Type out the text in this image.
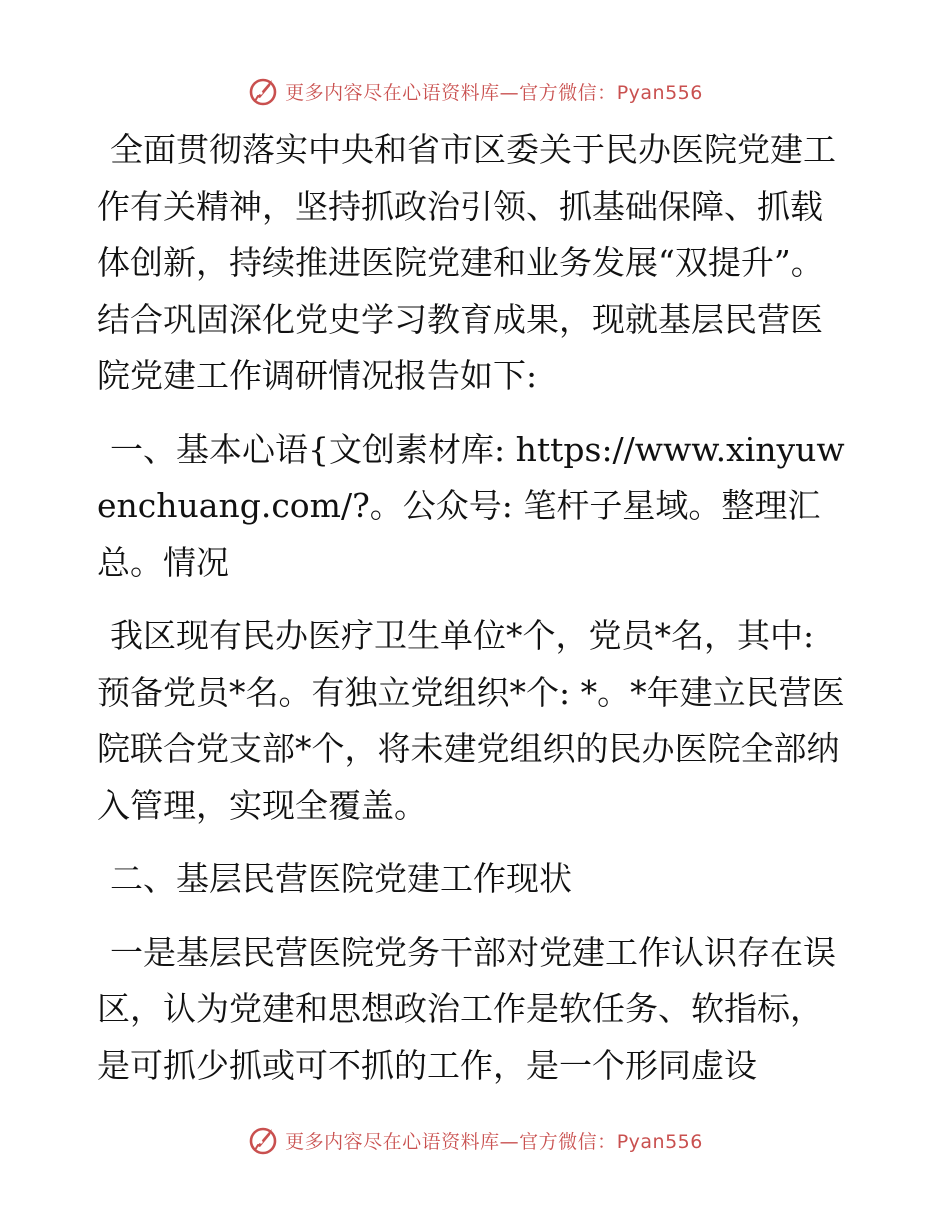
更多内容尽在心语资料库—官方微信：Pyan556

全面贯彻落实中央和省市区委关于民办医院党建工作有关精神，坚持抓政治引领、抓基础保障、抓载体创新，持续推进医院党建和业务发展“双提升”。结合巩固深化党史学习教育成果，现就基层民营医院党建工作调研情况报告如下:

一、基本心语{文创素材库: https://www.xinyuwenchuang.com/?。公众号: 笔杆子星域。整理汇总。情况

我区现有民办医疗卫生单位*个，党员*名，其中: 预备党员*名。有独立党组织*个: *。*年建立民营医院联合党支部*个，将未建党组织的民办医院全部纳入管理，实现全覆盖。

二、基层民营医院党建工作现状

一是基层民营医院党务干部对党建工作认识存在误区，认为党建和思想政治工作是软任务、软指标，是可抓少抓或可不抓的工作，是一个形同虚设

更多内容尽在心语资料库—官方微信：Pyan556
